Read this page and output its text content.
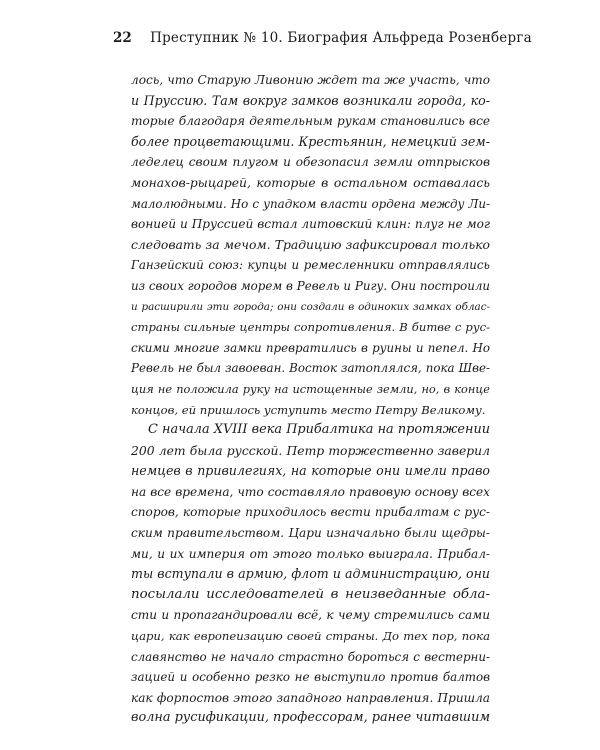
22 Преступник № 10. Биография Альфреда Розенберга
лось, что Старую Ливонию ждет та же участь, что
и Пруссию. Там вокруг замков возникали города, ко-
торые благодаря деятельным рукам становились все
более процветающими. Крестьянин, немецкий зем-
леделец своим плугом и обезопасил земли отпрысков
монахов-рыцарей, которые в остальном оставалась
малолюдными. Но с упадком власти ордена между Ли-
вонией и Пруссией встал литовский клин: плуг не мог
следовать за мечом. Традицию зафиксировал только
Ганзейский союз: купцы и ремесленники отправлялись
из своих городов морем в Ревель и Ригу. Они построили
и расширили эти города; они создали в одиноких замках облас-
страны сильные центры сопротивления. В битве с рус-
скими многие замки превратились в руины и пепел. Но
Ревель не был завоеван. Восток затоплялся, пока Шве-
ция не положила руку на истощенные земли, но, в конце
концов, ей пришлось уступить место Петру Великому.
С начала XVIII века Прибалтика на протяжении
200 лет была русской. Петр торжественно заверил
немцев в привилегиях, на которые они имели право
на все времена, что составляло правовую основу всех
споров, которые приходилось вести прибалтам с рус-
ским правительством. Цари изначально были щедры-
ми, и их империя от этого только выиграла. Прибал-
ты вступали в армию, флот и администрацию, они
посылали исследователей в неизведанные обла-
сти и пропагандировали всё, к чему стремились сами
цари, как европеизацию своей страны. До тех пор, пока
славянство не начало страстно бороться с вестерни-
зацией и особенно резко не выступило против балтов
как форпостов этого западного направления. Пришла
волна русификации, профессорам, ранее читавшим
